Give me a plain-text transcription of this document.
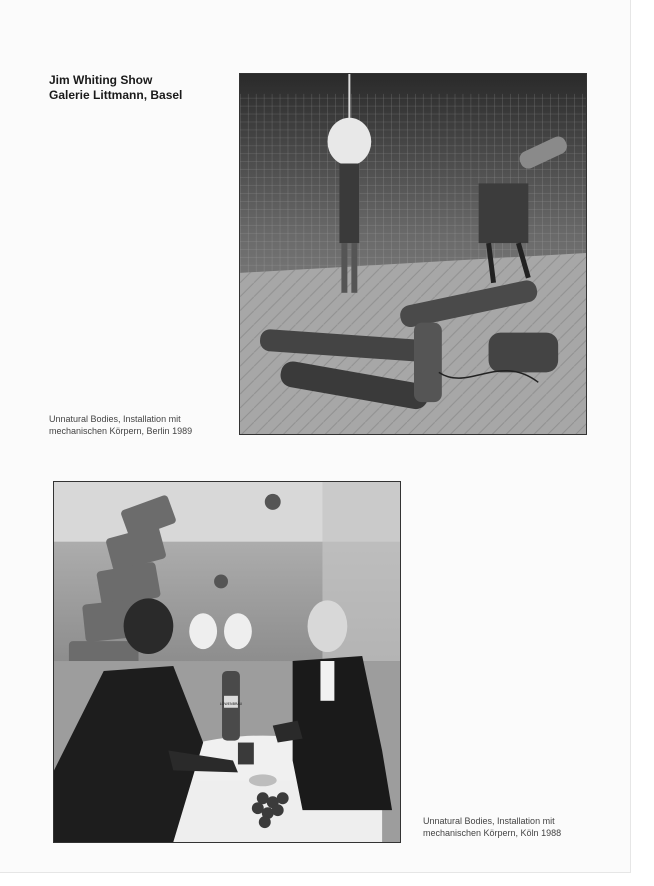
Jim Whiting Show
Galerie Littmann, Basel
Unnatural Bodies, Installation mit
mechanischen Körpern, Berlin 1989
LÖWENBRÄU
Unnatural Bodies, Installation mit
mechanischen Körpern, Köln 1988
